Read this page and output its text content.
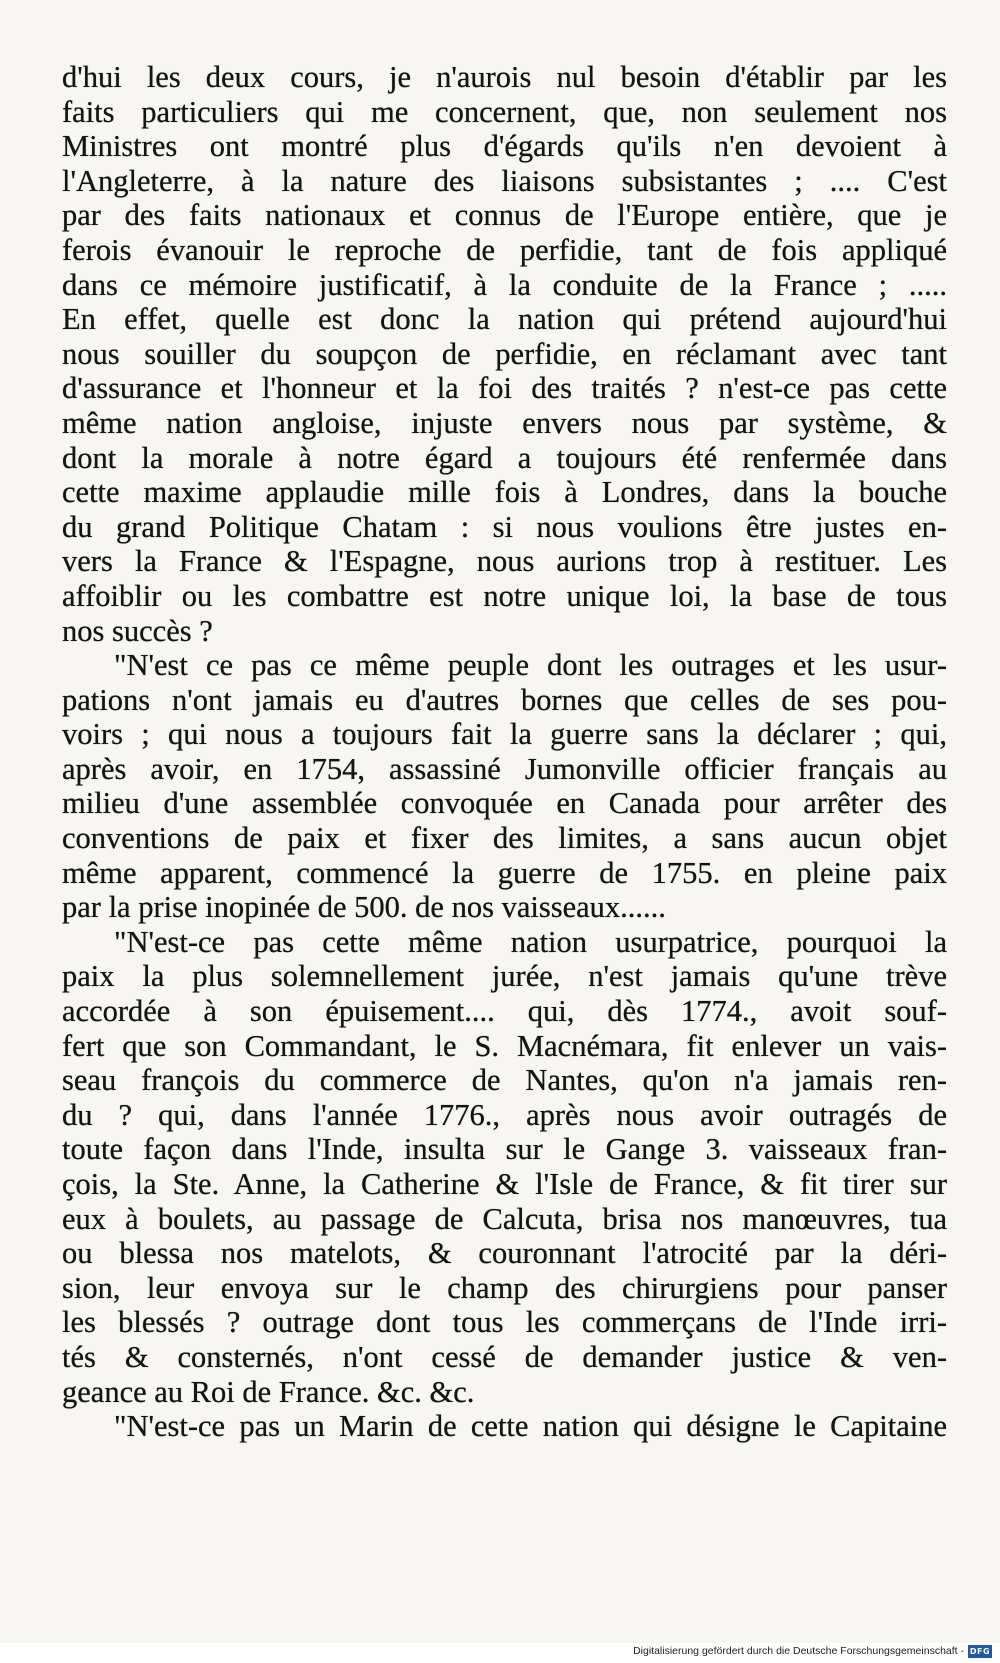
d'hui les deux cours, je n'aurois nul besoin d'établir par les
faits particuliers qui me concernent, que, non seulement nos
Ministres ont montré plus d'égards qu'ils n'en devoient à
l'Angleterre, à la nature des liaisons subsistantes ; .... C'est
par des faits nationaux et connus de l'Europe entière, que je
ferois évanouir le reproche de perfidie, tant de fois appliqué
dans ce mémoire justificatif, à la conduite de la France ; .....
En effet, quelle est donc la nation qui prétend aujourd'hui
nous souiller du soupçon de perfidie, en réclamant avec tant
d'assurance et l'honneur et la foi des traités ? n'est-ce pas cette
même nation angloise, injuste envers nous par système, &
dont la morale à notre égard a toujours été renfermée dans
cette maxime applaudie mille fois à Londres, dans la bouche
du grand Politique Chatam : si nous voulions être justes en-
vers la France & l'Espagne, nous aurions trop à restituer. Les
affoiblir ou les combattre est notre unique loi, la base de tous
nos succès ?
"N'est ce pas ce même peuple dont les outrages et les usur-
pations n'ont jamais eu d'autres bornes que celles de ses pou-
voirs ; qui nous a toujours fait la guerre sans la déclarer ; qui,
après avoir, en 1754, assassiné Jumonville officier français au
milieu d'une assemblée convoquée en Canada pour arrêter des
conventions de paix et fixer des limites, a sans aucun objet
même apparent, commencé la guerre de 1755. en pleine paix
par la prise inopinée de 500. de nos vaisseaux......
"N'est-ce pas cette même nation usurpatrice, pourquoi la
paix la plus solemnellement jurée, n'est jamais qu'une trève
accordée à son épuisement.... qui, dès 1774., avoit souf-
fert que son Commandant, le S. Macnémara, fit enlever un vais-
seau françois du commerce de Nantes, qu'on n'a jamais ren-
du ? qui, dans l'année 1776., après nous avoir outragés de
toute façon dans l'Inde, insulta sur le Gange 3. vaisseaux fran-
çois, la Ste. Anne, la Catherine & l'Isle de France, & fit tirer sur
eux à boulets, au passage de Calcuta, brisa nos manœuvres, tua
ou blessa nos matelots, & couronnant l'atrocité par la déri-
sion, leur envoya sur le champ des chirurgiens pour panser
les blessés ? outrage dont tous les commerçans de l'Inde irri-
tés & consternés, n'ont cessé de demander justice & ven-
geance au Roi de France. &c. &c.
"N'est-ce pas un Marin de cette nation qui désigne le Capitaine
Digitalisierung gefördert durch die Deutsche Forschungsgemeinschaft - DFG
